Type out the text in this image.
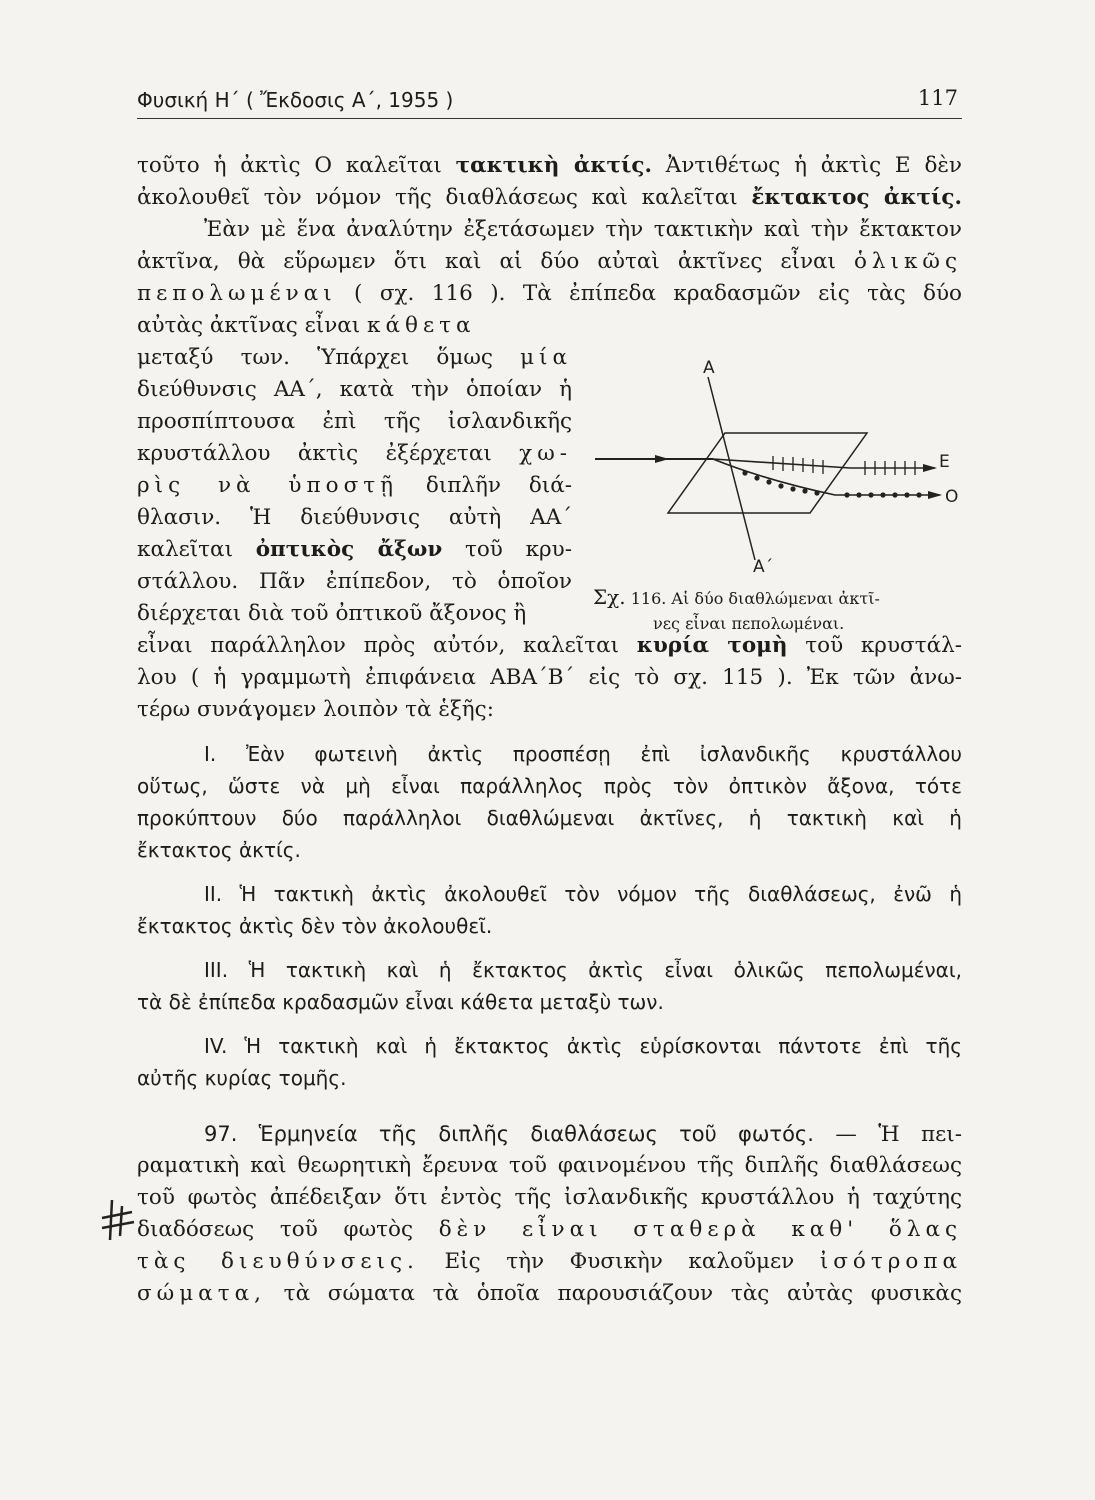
Φυσική Η΄ ( Ἔκδοσις Α΄, 1955 )	117
τοῦτο ἡ ἀκτὶς Ο καλεῖται τακτικὴ ἀκτίς. Ἀντιθέτως ἡ ἀκτὶς Ε δὲν
ἀκολουθεῖ τὸν νόμον τῆς διαθλάσεως καὶ καλεῖται ἔκτακτος ἀκτίς.
Ἐὰν μὲ ἕνα ἀναλύτην ἐξετάσωμεν τὴν τακτικὴν καὶ τὴν ἔκτακτον
ἀκτῖνα, θὰ εὕρωμεν ὅτι καὶ αἱ δύο αὐταὶ ἀκτῖνες εἶναι ὁλικῶς
πεπολωμέναι ( σχ. 116 ). Τὰ ἐπίπεδα κραδασμῶν εἰς τὰς δύο
αὐτὰς ἀκτῖνας εἶναι κάθετα
μεταξύ των. Ὑπάρχει ὅμως μία
διεύθυνσις ΑΑ΄, κατὰ τὴν ὁποίαν ἡ
προσπίπτουσα ἐπὶ τῆς ἰσλανδικῆς
κρυστάλλου ἀκτὶς ἐξέρχεται χω-
ρὶς νὰ ὑποστῇ διπλῆν διά-
θλασιν. Ἡ διεύθυνσις αὐτὴ ΑΑ΄
καλεῖται ὀπτικὸς ἄξων τοῦ κρυ-
στάλλου. Πᾶν ἐπίπεδον, τὸ ὁποῖον
διέρχεται διὰ τοῦ ὀπτικοῦ ἄξονος ἢ
εἶναι παράλληλον πρὸς αὐτόν, καλεῖται κυρία τομὴ τοῦ κρυστάλ-
λου ( ἡ γραμμωτὴ ἐπιφάνεια ΑΒΑ΄Β΄ εἰς τὸ σχ. 115 ). Ἐκ τῶν ἀνω-
τέρω συνάγομεν λοιπὸν τὰ ἑξῆς:
Ι. Ἐὰν φωτεινὴ ἀκτὶς προσπέσῃ ἐπὶ ἰσλανδικῆς κρυστάλλου
οὕτως, ὥστε νὰ μὴ εἶναι παράλληλος πρὸς τὸν ὀπτικὸν ἄξονα, τότε
προκύπτουν δύο παράλληλοι διαθλώμεναι ἀκτῖνες, ἡ τακτικὴ καὶ ἡ
ἔκτακτος ἀκτίς.
ΙΙ. Ἡ τακτικὴ ἀκτὶς ἀκολουθεῖ τὸν νόμον τῆς διαθλάσεως, ἐνῶ ἡ
ἔκτακτος ἀκτὶς δὲν τὸν ἀκολουθεῖ.
ΙΙΙ. Ἡ τακτικὴ καὶ ἡ ἔκτακτος ἀκτὶς εἶναι ὁλικῶς πεπολωμέναι,
τὰ δὲ ἐπίπεδα κραδασμῶν εἶναι κάθετα μεταξὺ των.
ΙV. Ἡ τακτικὴ καὶ ἡ ἔκτακτος ἀκτὶς εὑρίσκονται πάντοτε ἐπὶ τῆς
αὐτῆς κυρίας τομῆς.
97. Ἑρμηνεία τῆς διπλῆς διαθλάσεως τοῦ φωτός. — Ἡ πει-
ραματικὴ καὶ θεωρητικὴ ἔρευνα τοῦ φαινομένου τῆς διπλῆς διαθλάσεως
τοῦ φωτὸς ἀπέδειξαν ὅτι ἐντὸς τῆς ἰσλανδικῆς κρυστάλλου ἡ ταχύτης
διαδόσεως τοῦ φωτὸς δὲν εἶναι σταθερὰ καθ' ὅλας
τὰς διευθύνσεις. Εἰς τὴν Φυσικὴν καλοῦμεν ἰσότροπα
σώματα, τὰ σώματα τὰ ὁποῖα παρουσιάζουν τὰς αὐτὰς φυσικὰς
Α
Α΄
Ε
Ο
Σχ. 116. Αἱ δύο διαθλώμεναι ἀκτῖ-
νες εἶναι πεπολωμέναι.
